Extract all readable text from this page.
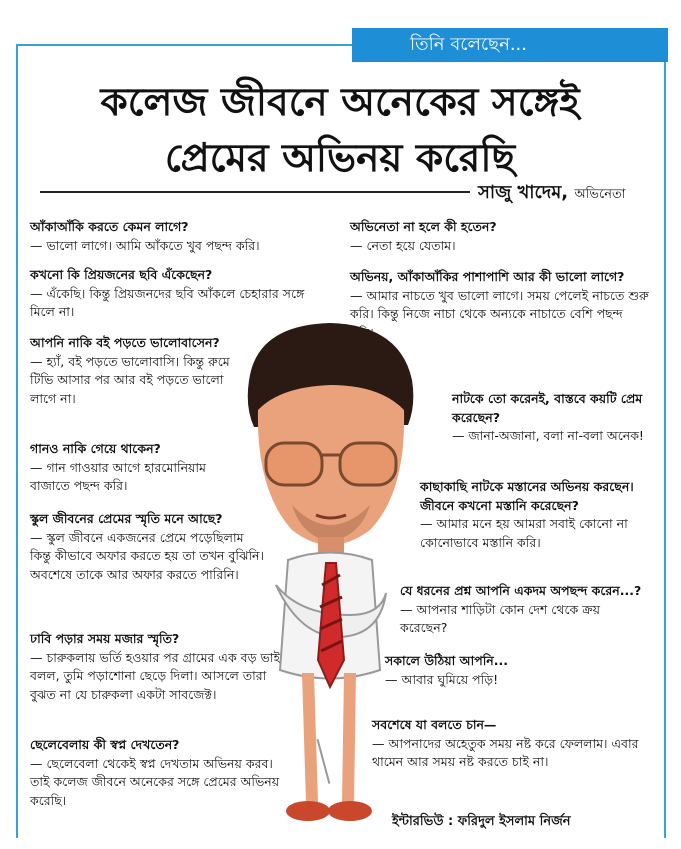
তিনি বলেছেন...
কলেজ জীবনে অনেকের সঙ্গেই
প্রেমের অভিনয় করেছি
সাজু খাদেম, অভিনেতা
আঁকাআঁকি করতে কেমন লাগে?
— ভালো লাগে। আমি আঁকতে খুব পছন্দ করি।
কখনো কি প্রিয়জনের ছবি এঁকেছেন?
— এঁকেছি। কিন্তু প্রিয়জনদের ছবি আঁকলে চেহারার সঙ্গে মিলে না।
আপনি নাকি বই পড়তে ভালোবাসেন?
— হ্যাঁ, বই পড়তে ভালোবাসি। কিন্তু রুমে টিভি আসার পর আর বই পড়তে ভালো লাগে না।
গানও নাকি গেয়ে থাকেন?
— গান গাওয়ার আগে হারমোনিয়াম বাজাতে পছন্দ করি।
স্কুল জীবনের প্রেমের স্মৃতি মনে আছে?
— স্কুল জীবনে একজনের প্রেমে পড়েছিলাম কিন্তু কীভাবে অফার করতে হয় তা তখন বুঝিনি। অবশেষে তাকে আর অফার করতে পারিনি।
ঢাবি পড়ার সময় মজার স্মৃতি?
— চারুকলায় ভর্তি হওয়ার পর গ্রামের এক বড় ভাই বলল, তুমি পড়াশোনা ছেড়ে দিলা। আসলে তারা বুঝত না যে চারুকলা একটা সাবজেক্ট।
ছেলেবেলায় কী স্বপ্ন দেখতেন?
— ছেলেবেলা থেকেই স্বপ্ন দেখতাম অভিনয় করব। তাই কলেজ জীবনে অনেকের সঙ্গে প্রেমের অভিনয় করেছি।
অভিনেতা না হলে কী হতেন?
— নেতা হয়ে যেতাম।
অভিনয়, আঁকাআঁকির পাশাপাশি আর কী ভালো লাগে?
— আমার নাচতে খুব ভালো লাগে। সময় পেলেই নাচতে শুরু করি। কিন্তু নিজে নাচা থেকে অন্যকে নাচাতে বেশি পছন্দ
নাটকে তো করেনই, বাস্তবে কয়টি প্রেম করেছেন?
— জানা-অজানা, বলা না-বলা অনেক!
কাছাকাছি নাটকে মস্তানের অভিনয় করছেন। জীবনে কখনো মস্তানি করেছেন?
— আমার মনে হয় আমরা সবাই কোনো না কোনোভাবে মস্তানি করি।
যে ধরনের প্রশ্ন আপনি একদম অপছন্দ করেন...?
— আপনার শাড়িটা কোন দেশ থেকে ক্রয় করেছেন?
সকালে উঠিয়া আপনি...
— আবার ঘুমিয়ে পড়ি!
সবশেষে যা বলতে চান—
— আপনাদের অহেতুক সময় নষ্ট করে ফেললাম। এবার থামেন আর সময় নষ্ট করতে চাই না।
ইন্টারভিউ : ফরিদুল ইসলাম নির্জন
